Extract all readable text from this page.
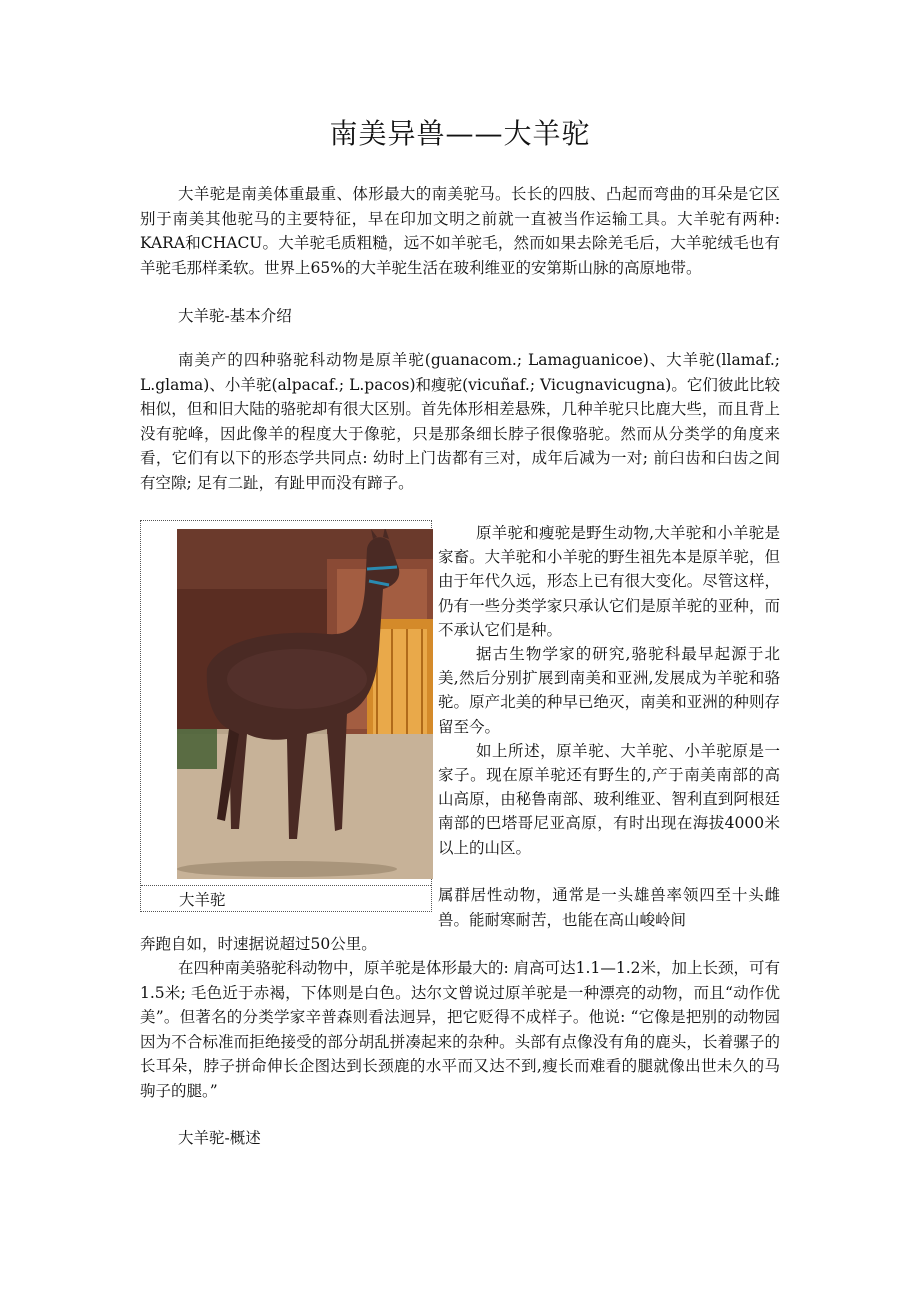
南美异兽——大羊驼

大羊驼是南美体重最重、体形最大的南美驼马。长长的四肢、凸起而弯曲的耳朵是它区别于南美其他驼马的主要特征，早在印加文明之前就一直被当作运输工具。大羊驼有两种: KARA和CHACU。大羊驼毛质粗糙，远不如羊驼毛，然而如果去除羌毛后，大羊驼绒毛也有羊驼毛那样柔软。世界上65%的大羊驼生活在玻利维亚的安第斯山脉的高原地带。

大羊驼-基本介绍

南美产的四种骆驼科动物是原羊驼(guanacom.; Lamaguanicoe)、大羊驼(llamaf.; L.glama)、小羊驼(alpacaf.; L.pacos)和瘦驼(vicuñaf.; Vicugnavicugna)。它们彼此比较相似，但和旧大陆的骆驼却有很大区别。首先体形相差悬殊，几种羊驼只比鹿大些，而且背上没有驼峰，因此像羊的程度大于像驼，只是那条细长脖子很像骆驼。然而从分类学的角度来看，它们有以下的形态学共同点: 幼时上门齿都有三对，成年后减为一对; 前臼齿和臼齿之间有空隙; 足有二趾，有趾甲而没有蹄子。

大羊驼

原羊驼和瘦驼是野生动物,大羊驼和小羊驼是家畜。大羊驼和小羊驼的野生祖先本是原羊驼，但由于年代久远，形态上已有很大变化。尽管这样，仍有一些分类学家只承认它们是原羊驼的亚种，而不承认它们是种。

据古生物学家的研究,骆驼科最早起源于北美,然后分别扩展到南美和亚洲,发展成为羊驼和骆驼。原产北美的种早已绝灭，南美和亚洲的种则存留至今。

如上所述，原羊驼、大羊驼、小羊驼原是一家子。现在原羊驼还有野生的,产于南美南部的高山高原，由秘鲁南部、玻利维亚、智利直到阿根廷南部的巴塔哥尼亚高原，有时出现在海拔4000米以上的山区。

属群居性动物，通常是一头雄兽率领四至十头雌兽。能耐寒耐苦，也能在高山峻岭间

奔跑自如，时速据说超过50公里。

在四种南美骆驼科动物中，原羊驼是体形最大的: 肩高可达1.1—1.2米，加上长颈，可有1.5米; 毛色近于赤褐，下体则是白色。达尔文曾说过原羊驼是一种漂亮的动物，而且“动作优美”。但著名的分类学家辛普森则看法迥异，把它贬得不成样子。他说: “它像是把别的动物园因为不合标准而拒绝接受的部分胡乱拼凑起来的杂种。头部有点像没有角的鹿头，长着骡子的长耳朵，脖子拼命伸长企图达到长颈鹿的水平而又达不到,瘦长而难看的腿就像出世未久的马驹子的腿。”

大羊驼-概述
